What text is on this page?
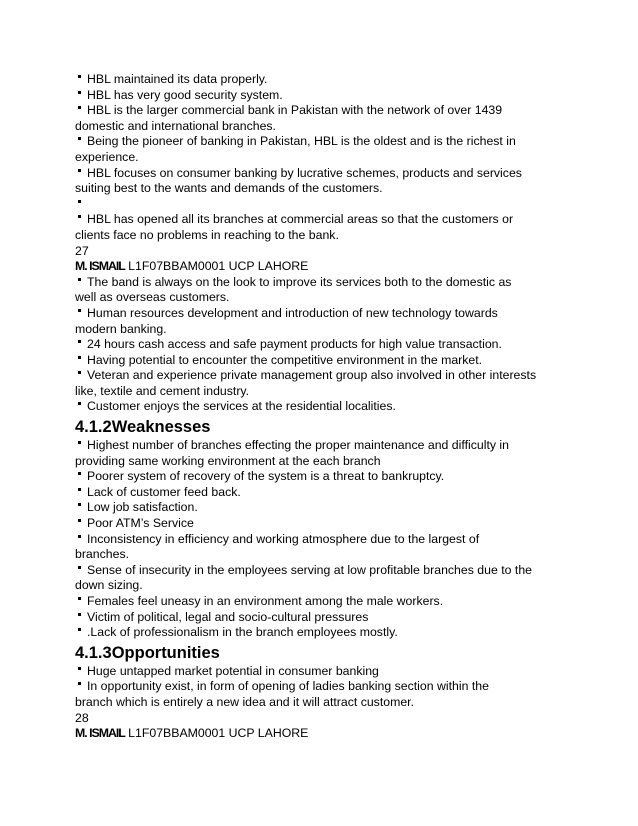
HBL maintained its data properly.
HBL has very good security system.
HBL is the larger commercial bank in Pakistan with the network of over 1439
domestic and international branches.
Being the pioneer of banking in Pakistan, HBL is the oldest and is the richest in
experience.
HBL focuses on consumer banking by lucrative schemes, products and services
suiting best to the wants and demands of the customers.
HBL has opened all its branches at commercial areas so that the customers or
clients face no problems in reaching to the bank.
27
M. ISMAIL L1F07BBAM0001 UCP LAHORE
The band is always on the look to improve its services both to the domestic as
well as overseas customers.
Human resources development and introduction of new technology towards
modern banking.
24 hours cash access and safe payment products for high value transaction.
Having potential to encounter the competitive environment in the market.
Veteran and experience private management group also involved in other interests
like, textile and cement industry.
Customer enjoys the services at the residential localities.
4.1.2Weaknesses
Highest number of branches effecting the proper maintenance and difficulty in
providing same working environment at the each branch
Poorer system of recovery of the system is a threat to bankruptcy.
Lack of customer feed back.
Low job satisfaction.
Poor ATM’s Service
Inconsistency in efficiency and working atmosphere due to the largest of
branches.
Sense of insecurity in the employees serving at low profitable branches due to the
down sizing.
Females feel uneasy in an environment among the male workers.
Victim of political, legal and socio-cultural pressures
.Lack of professionalism in the branch employees mostly.
4.1.3Opportunities
Huge untapped market potential in consumer banking
In opportunity exist, in form of opening of ladies banking section within the
branch which is entirely a new idea and it will attract customer.
28
M. ISMAIL L1F07BBAM0001 UCP LAHORE
